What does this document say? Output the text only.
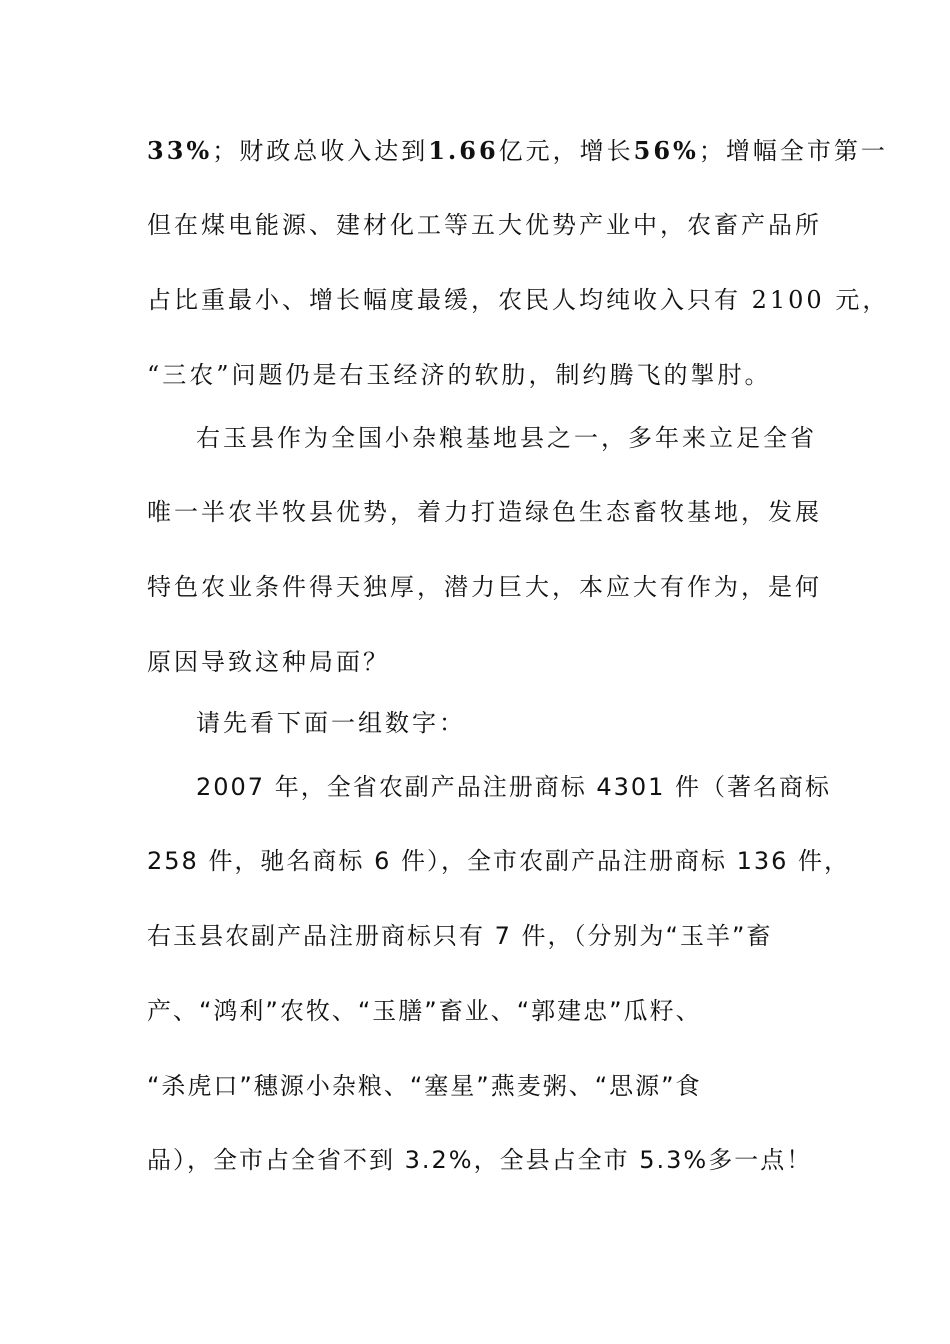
33%；财政总收入达到1.66亿元，增长56%；增幅全市第一
但在煤电能源、建材化工等五大优势产业中，农畜产品所
占比重最小、增长幅度最缓，农民人均纯收入只有 2100 元，
“三农”问题仍是右玉经济的软肋，制约腾飞的掣肘。
右玉县作为全国小杂粮基地县之一，多年来立足全省
唯一半农半牧县优势，着力打造绿色生态畜牧基地，发展
特色农业条件得天独厚，潜力巨大，本应大有作为，是何
原因导致这种局面？
请先看下面一组数字：
2007 年，全省农副产品注册商标 4301 件（著名商标
258 件，驰名商标 6 件），全市农副产品注册商标 136 件，
右玉县农副产品注册商标只有 7 件，（分别为“玉羊”畜
产、“鸿利”农牧、“玉膳”畜业、“郭建忠”瓜籽、
“杀虎口”穗源小杂粮、“塞星”燕麦粥、“思源”食
品），全市占全省不到 3.2%，全县占全市 5.3%多一点！
